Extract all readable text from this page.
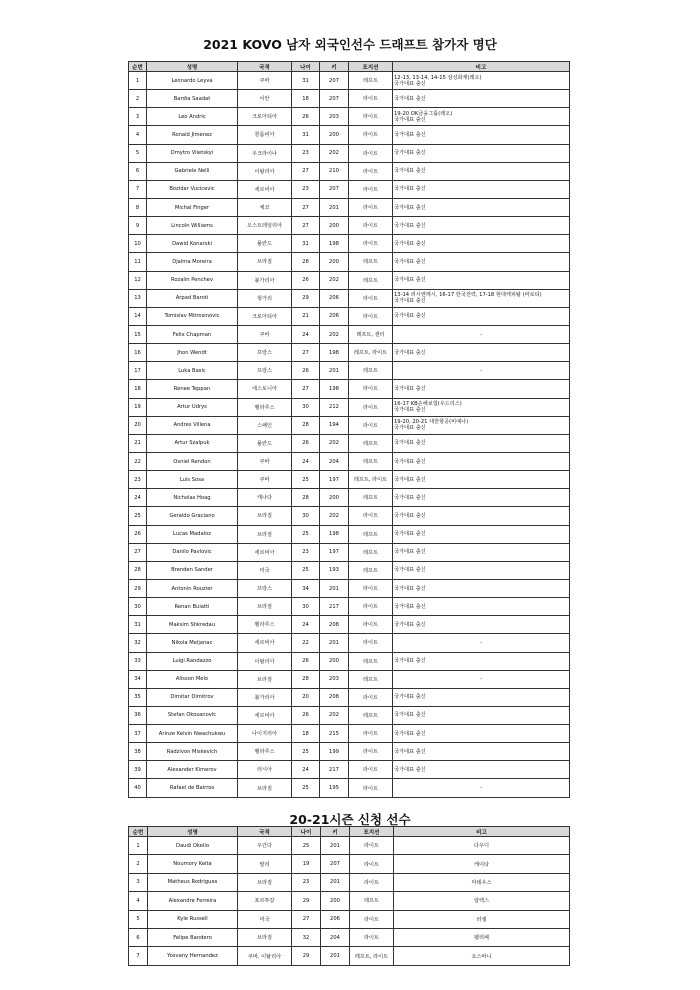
2021 KOVO 남자 외국인선수 드래프트 참가자 명단
순번	성명	국적	나이	키	포지션	비고
1	Leonardo Leyva	쿠바	31	207	레프트	12-13, 13-14, 14-15 삼성화재(레오)
국가대표 출신

2	Bardia Saadat	이란	18	207	라이트	국가대표 출신

3	Leo Andric	크로아티아	26	203	라이트	19-20 OK금융그룹(레오)
국가대표 출신

4	Ronald Jimenez	콜롬비아	31	200	라이트	국가대표 출신

5	Dmytro Viietskyi	우크라이나	23	202	라이트	국가대표 출신

6	Gabriele Nelli	이탈리아	27	210	라이트	국가대표 출신

7	Bozidar Vucicevic	세르비아	23	207	라이트	국가대표 출신

8	Michal Finger	체코	27	201	라이트	국가대표 출신

9	Lincoln Williams	오스트레일리아	27	200	라이트	국가대표 출신

10	Dawid Konarski	폴란드	31	198	라이트	국가대표 출신

11	Djalma Moreira	브라질	28	200	레프트	국가대표 출신

12	Rozalin Penchev	불가리아	26	202	레프트	국가대표 출신

13	Arpad Baroti	헝가리	29	206	라이트	13-14 러시앤캐시, 16-17 한국전력, 17-18 현대캐피탈 (바로티)
국가대표 출신

14	Tomislav Mitrosinovic	크로아티아	21	206	라이트	국가대표 출신

15	Felix Chapman	쿠바	24	202	레프트, 센터	-
16	Jhon Wendt	프랑스	27	198	레프트, 라이트	국가대표 출신

17	Luka Basic	프랑스	26	201	레프트	-
18	Renee Teppan	에스토니아	27	198	라이트	국가대표 출신

19	Artur Udrys	벨라루스	30	212	라이트	16-17 KB손해보험(우드리스)
국가대표 출신

20	Andres Villena	스페인	28	194	라이트	19-20, 20-21 대한항공(비예나)
국가대표 출신

21	Artur Szalpuk	폴란드	26	202	레프트	국가대표 출신

22	Osniel Rendon	쿠바	24	204	레프트	국가대표 출신

23	Luis Sosa	쿠바	25	197	레프트, 라이트	국가대표 출신

24	Nicholas Hoag	캐나다	28	200	레프트	국가대표 출신

25	Geraldo Graciano	브라질	30	202	라이트	국가대표 출신

26	Lucas Madaloz	브라질	25	198	레프트	국가대표 출신

27	Danilo Pavlovic	세르비아	23	197	레프트	국가대표 출신

28	Brenden Sander	미국	25	193	레프트	국가대표 출신

29	Antonin Rouzier	프랑스	34	201	라이트	국가대표 출신

30	Renan Buiatti	브라질	30	217	라이트	국가대표 출신

31	Maksim Shkredau	벨라루스	24	208	라이트	국가대표 출신

32	Nikola Meljanac	세르비아	22	201	라이트	-
33	Luigi Randazzo	이탈리아	26	200	레프트	국가대표 출신

34	Alisson Melo	브라질	28	203	레프트	-
35	Dimitar Dimitrov	불가리아	20	208	라이트	국가대표 출신

36	Stefan Okosanovic	세르비아	26	202	레프트	국가대표 출신

37	Arinze Kelvin Nwachukwu	나이지리아	18	215	라이트	국가대표 출신

38	Radzivon Miskevich	벨라루스	25	199	라이트	국가대표 출신

39	Alexander Kimerov	러시아	24	217	라이트	국가대표 출신

40	Rafael de Bairros	브라질	25	195	라이트	-
20-21시즌 신청 선수
순번	성명	국적	나이	키	포지션	비고
1	Daudi Okello	우간다	25	201	라이트	다우디
2	Noumory Keita	말리	19	207	라이트	케이타
3	Matheus Rodrigues	브라질	23	201	라이트	마테우스
4	Alexandre Ferreira	포르투갈	29	200	레프트	알렉스
5	Kyle Russell	미국	27	206	라이트	러셀
6	Felipe Bandero	브라질	32	204	라이트	펠리페
7	Yosvany Hernandez	쿠바, 이탈리아	29	201	레프트, 라이트	요스바니
